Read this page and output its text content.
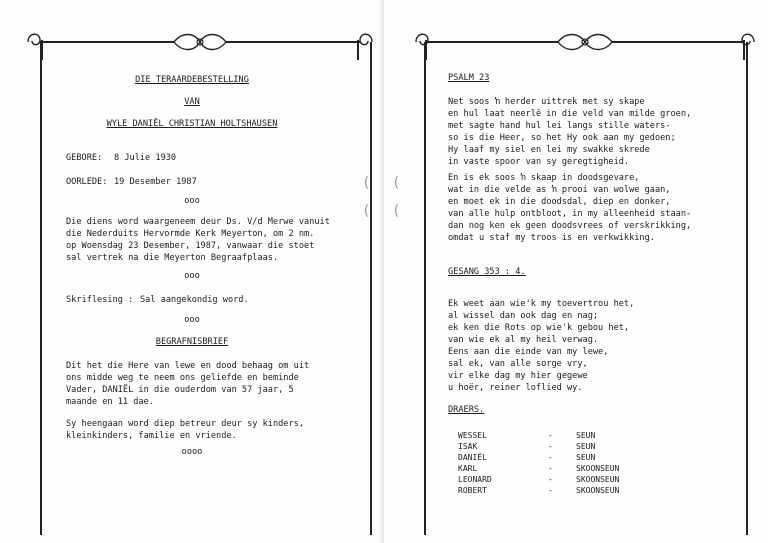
DIE TERAARDEBESTELLING
VAN
WYLE DANIËL CHRISTIAN HOLTSHAUSEN
GEBORE: 8 Julie 1930
OORLEDE: 19 Desember 1987
ooo
Die diens word waargeneem deur Ds. V/d Merwe vanuit
die Nederduits Hervormde Kerk Meyerton, om 2 nm.
op Woensdag 23 Desember, 1987, vanwaar die stoet
sal vertrek na die Meyerton Begraafplaas.
ooo
Skriflesing : Sal aangekondig word.
ooo
BEGRAFNISBRIEF
Dit het die Here van lewe en dood behaag om uit
ons midde weg te neem ons geliefde en beminde
Vader, DANIËL in die ouderdom van 57 jaar, 5
maande en 11 dae.
Sy heengaan word diep betreur deur sy kinders,
kleinkinders, familie en vriende.
oooo
(

(
(

(
PSALM 23
Net soos ŉ herder uittrek met sy skape
en hul laat neerlê in die veld van milde groen,
met sagte hand hul lei langs stille waters-
so is die Heer, so het Hy ook aan my gedoen;
Hy laaf my siel en lei my swakke skrede
in vaste spoor van sy geregtigheid.
En is ek soos ŉ skaap in doodsgevare,
wat in die velde as ŉ prooi van wolwe gaan,
en moet ek in die doodsdal, diep en donker,
van alle hulp ontbloot, in my alleenheid staan-
dan nog ken ek geen doodsvrees of verskrikking,
omdat u staf my troos is en verkwikking.
GESANG 353 : 4.
Ek weet aan wie'k my toevertrou het,
al wissel dan ook dag en nag;
ek ken die Rots op wie'k gebou het,
van wie ek al my heil verwag.
Eens aan die einde van my lewe,
sal ek, van alle sorge vry,
vir elke dag my hier gegewe
u hoër, reiner loflied wy.
DRAERS.
WESSEL	-	SEUN
ISAK	-	SEUN
DANIËL	-	SEUN
KARL	-	SKOONSEUN
LEONARD	-	SKOONSEUN
ROBERT	-	SKOONSEUN
